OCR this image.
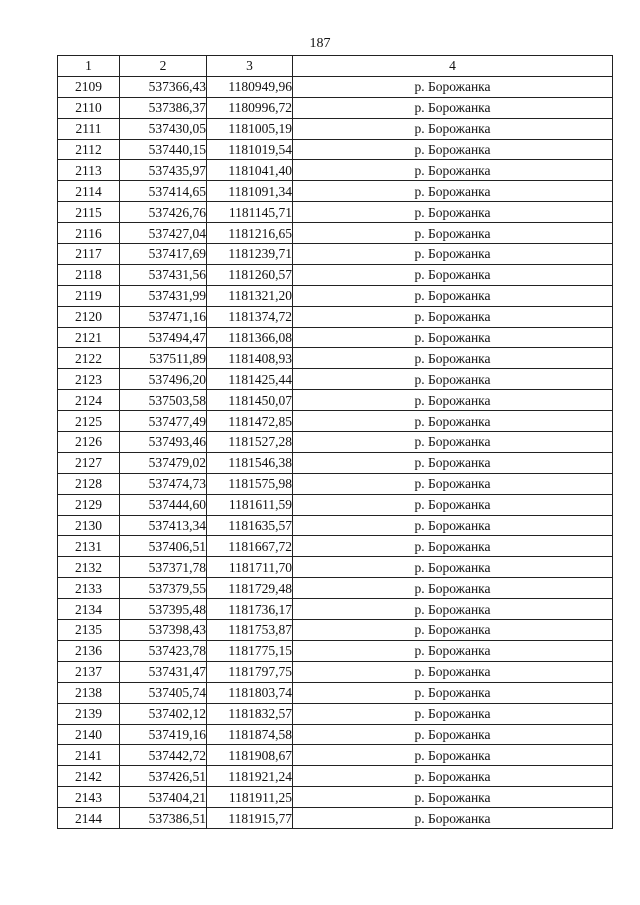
187
1	2	3	4
2109	537366,43	1180949,96	р. Борожанка
2110	537386,37	1180996,72	р. Борожанка
2111	537430,05	1181005,19	р. Борожанка
2112	537440,15	1181019,54	р. Борожанка
2113	537435,97	1181041,40	р. Борожанка
2114	537414,65	1181091,34	р. Борожанка
2115	537426,76	1181145,71	р. Борожанка
2116	537427,04	1181216,65	р. Борожанка
2117	537417,69	1181239,71	р. Борожанка
2118	537431,56	1181260,57	р. Борожанка
2119	537431,99	1181321,20	р. Борожанка
2120	537471,16	1181374,72	р. Борожанка
2121	537494,47	1181366,08	р. Борожанка
2122	537511,89	1181408,93	р. Борожанка
2123	537496,20	1181425,44	р. Борожанка
2124	537503,58	1181450,07	р. Борожанка
2125	537477,49	1181472,85	р. Борожанка
2126	537493,46	1181527,28	р. Борожанка
2127	537479,02	1181546,38	р. Борожанка
2128	537474,73	1181575,98	р. Борожанка
2129	537444,60	1181611,59	р. Борожанка
2130	537413,34	1181635,57	р. Борожанка
2131	537406,51	1181667,72	р. Борожанка
2132	537371,78	1181711,70	р. Борожанка
2133	537379,55	1181729,48	р. Борожанка
2134	537395,48	1181736,17	р. Борожанка
2135	537398,43	1181753,87	р. Борожанка
2136	537423,78	1181775,15	р. Борожанка
2137	537431,47	1181797,75	р. Борожанка
2138	537405,74	1181803,74	р. Борожанка
2139	537402,12	1181832,57	р. Борожанка
2140	537419,16	1181874,58	р. Борожанка
2141	537442,72	1181908,67	р. Борожанка
2142	537426,51	1181921,24	р. Борожанка
2143	537404,21	1181911,25	р. Борожанка
2144	537386,51	1181915,77	р. Борожанка
